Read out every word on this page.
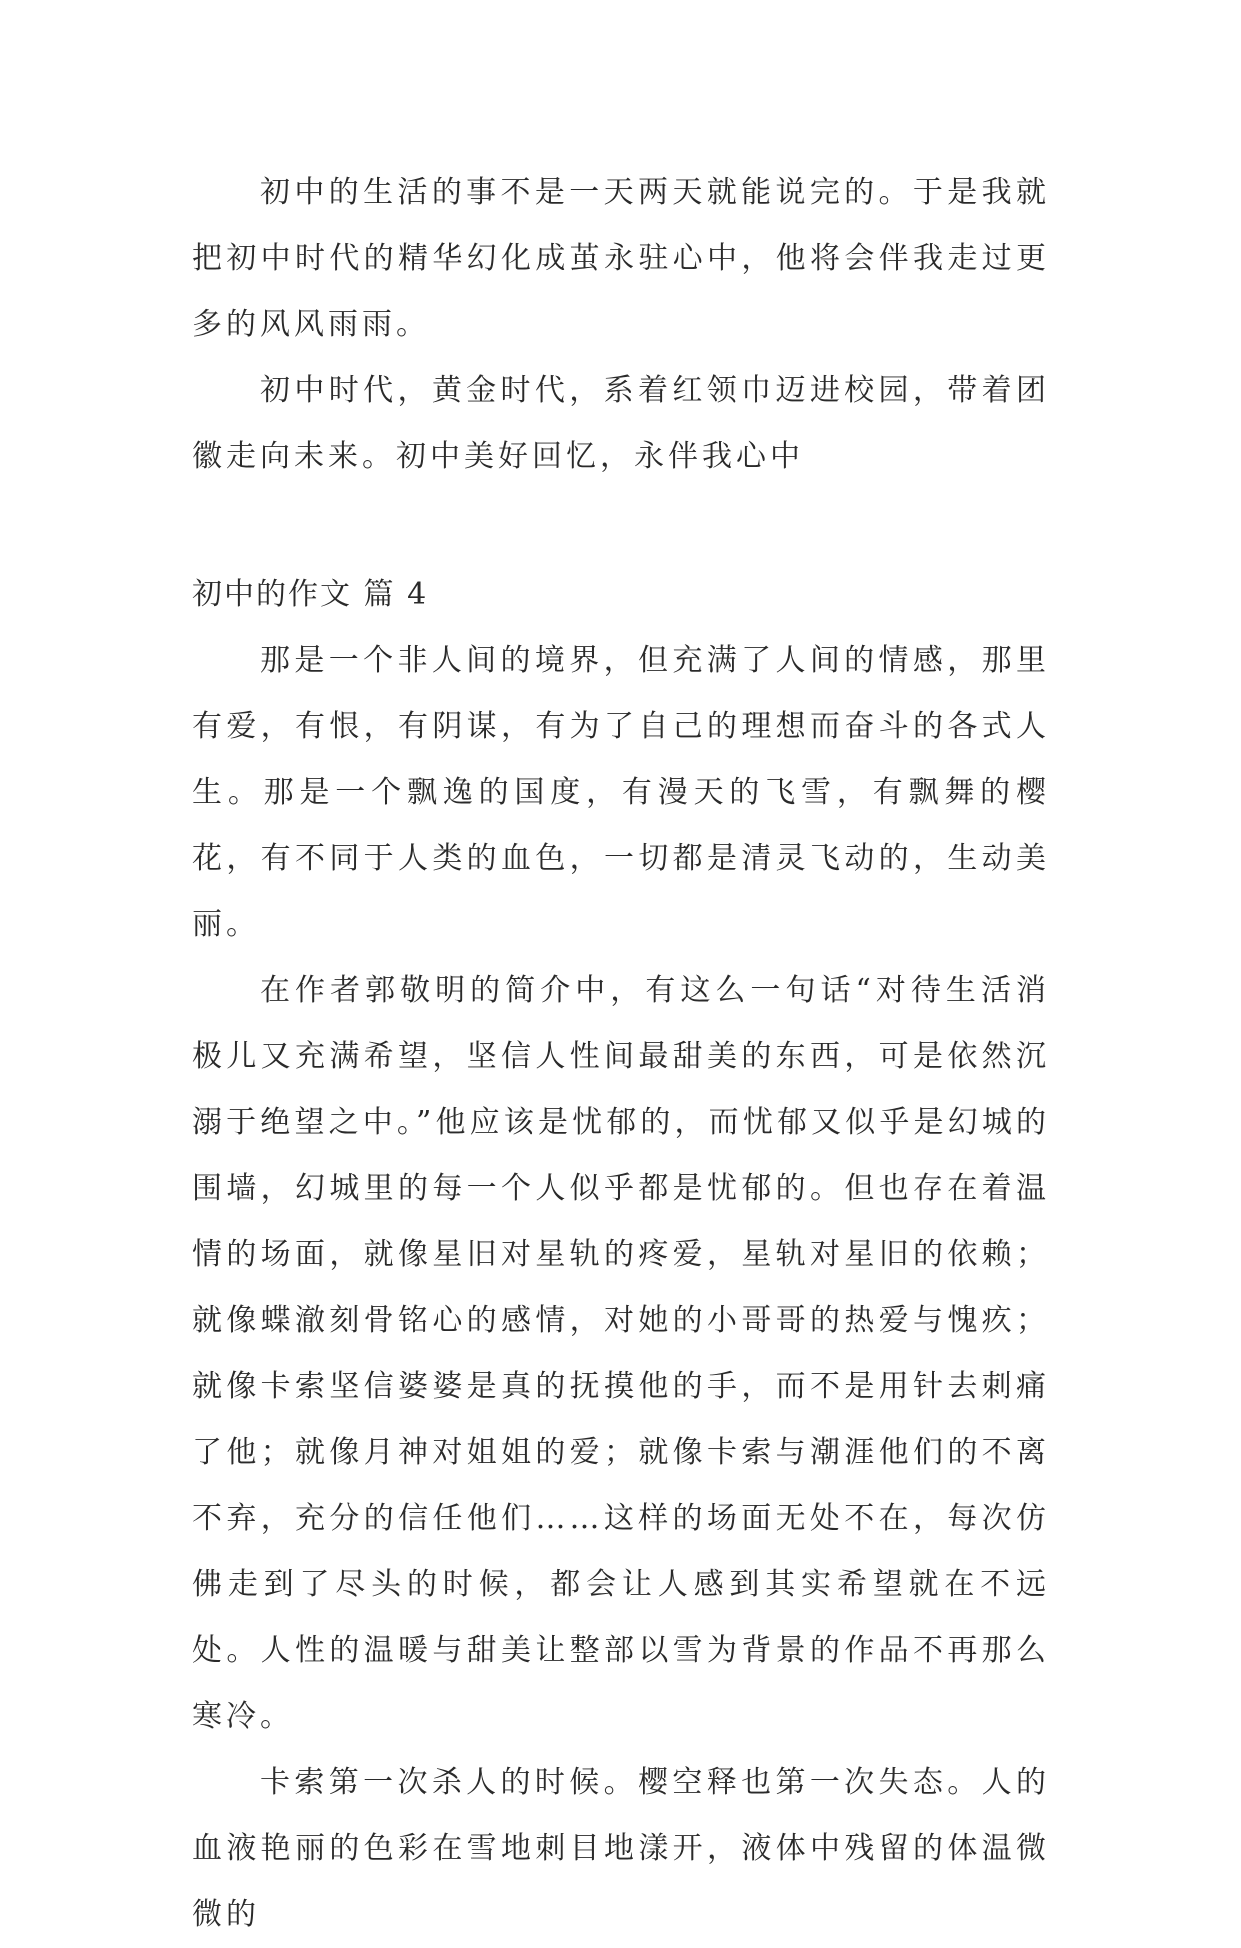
初中的生活的事不是一天两天就能说完的。于是我就把初中时代的精华幻化成茧永驻心中，他将会伴我走过更多的风风雨雨。

初中时代，黄金时代，系着红领巾迈进校园，带着团徽走向未来。初中美好回忆，永伴我心中

初中的作文 篇 4

那是一个非人间的境界，但充满了人间的情感，那里有爱，有恨，有阴谋，有为了自己的理想而奋斗的各式人生。那是一个飘逸的国度，有漫天的飞雪，有飘舞的樱花，有不同于人类的血色，一切都是清灵飞动的，生动美丽。

在作者郭敬明的简介中，有这么一句话“对待生活消极儿又充满希望，坚信人性间最甜美的东西，可是依然沉溺于绝望之中。”他应该是忧郁的，而忧郁又似乎是幻城的围墙，幻城里的每一个人似乎都是忧郁的。但也存在着温情的场面，就像星旧对星轨的疼爱，星轨对星旧的依赖；就像蝶澈刻骨铭心的感情，对她的小哥哥的热爱与愧疚；就像卡索坚信婆婆是真的抚摸他的手，而不是用针去刺痛了他；就像月神对姐姐的爱；就像卡索与潮涯他们的不离不弃，充分的信任他们……这样的场面无处不在，每次仿佛走到了尽头的时候，都会让人感到其实希望就在不远处。人性的温暖与甜美让整部以雪为背景的作品不再那么寒冷。

卡索第一次杀人的时候。樱空释也第一次失态。人的血液艳丽的色彩在雪地刺目地漾开，液体中残留的体温微微的
